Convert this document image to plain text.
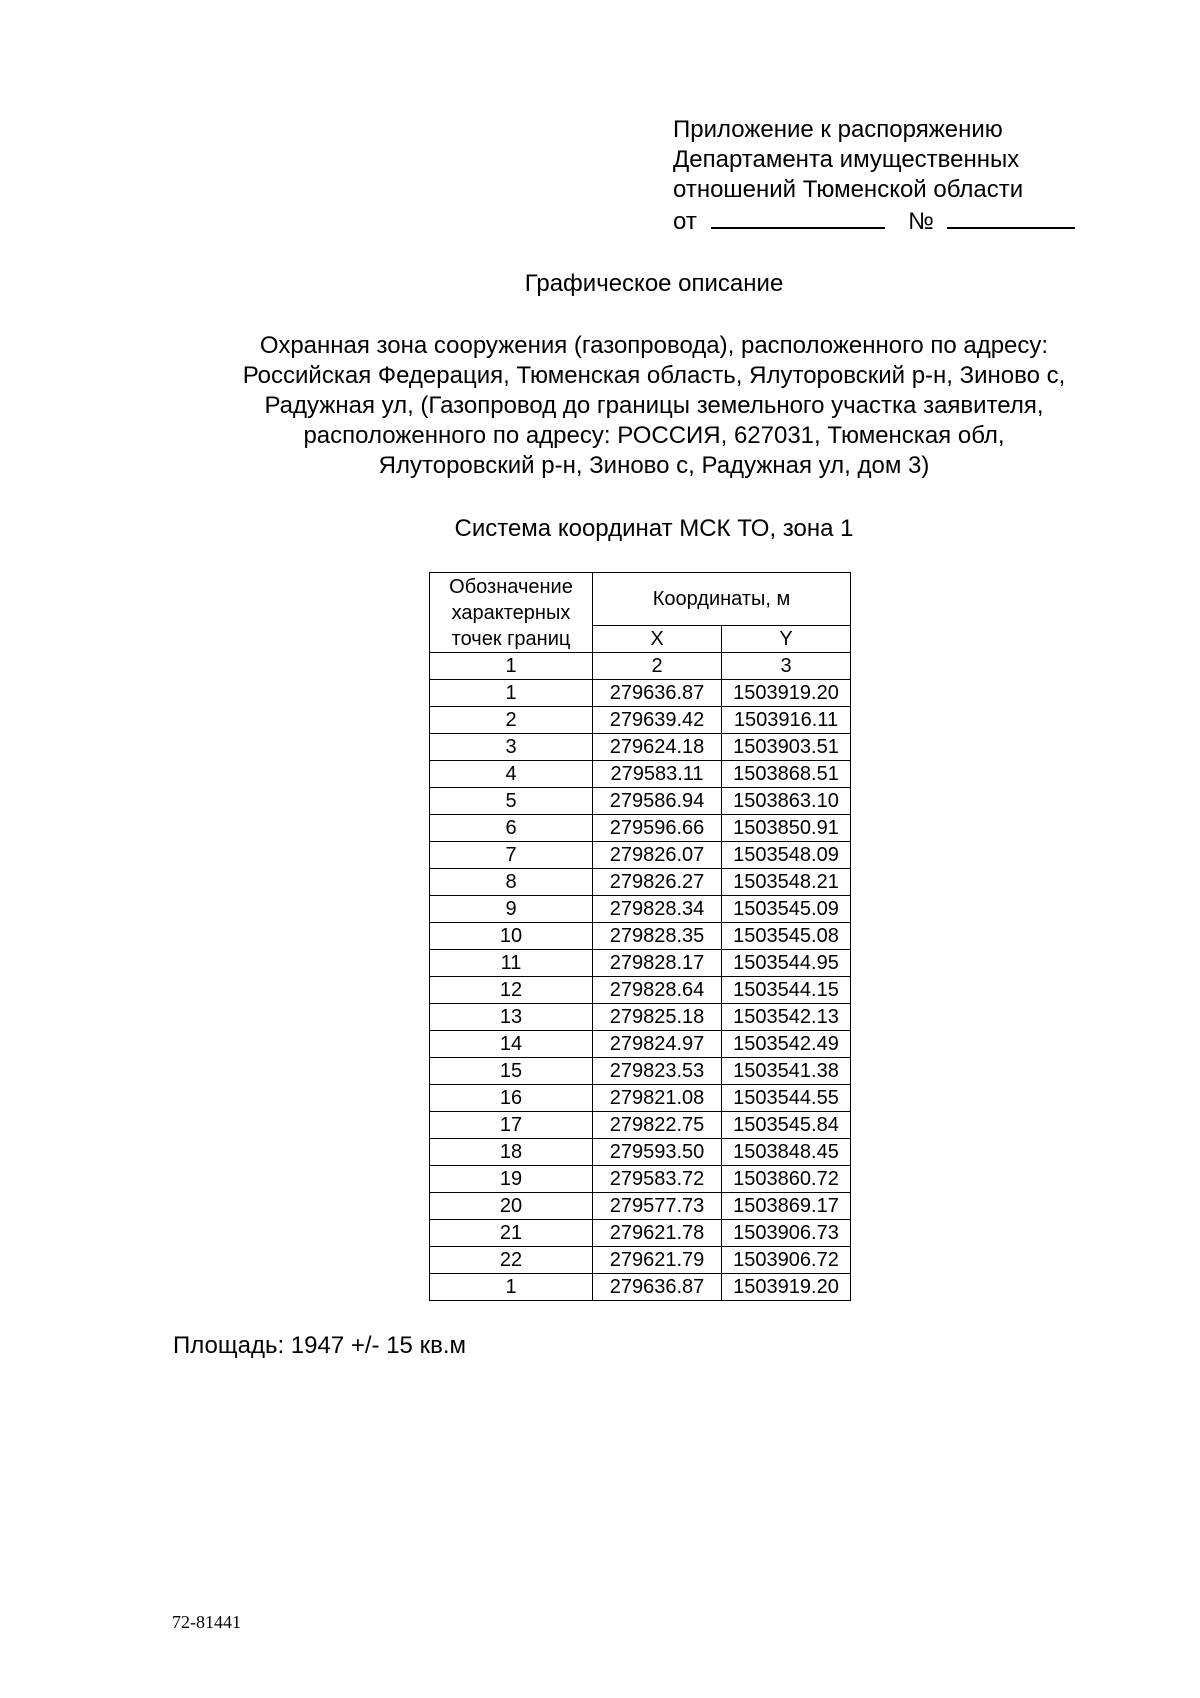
Приложение к распоряжению
Департамента имущественных
отношений Тюменской области
от	№
Графическое описание
Охранная зона сооружения (газопровода), расположенного по адресу:
Российская Федерация, Тюменская область, Ялуторовский р-н, Зиново с,
Радужная ул, (Газопровод до границы земельного участка заявителя,
расположенного по адресу: РОССИЯ, 627031, Тюменская обл,
Ялуторовский р-н, Зиново с, Радужная ул, дом 3)
Система координат МСК ТО, зона 1
Обозначение
характерных
точек границ	Координаты, м	
	X	Y
1	2	3
1	279636.87	1503919.20
2	279639.42	1503916.11
3	279624.18	1503903.51
4	279583.11	1503868.51
5	279586.94	1503863.10
6	279596.66	1503850.91
7	279826.07	1503548.09
8	279826.27	1503548.21
9	279828.34	1503545.09
10	279828.35	1503545.08
11	279828.17	1503544.95
12	279828.64	1503544.15
13	279825.18	1503542.13
14	279824.97	1503542.49
15	279823.53	1503541.38
16	279821.08	1503544.55
17	279822.75	1503545.84
18	279593.50	1503848.45
19	279583.72	1503860.72
20	279577.73	1503869.17
21	279621.78	1503906.73
22	279621.79	1503906.72
1	279636.87	1503919.20
Площадь: 1947 +/- 15 кв.м
72-81441
